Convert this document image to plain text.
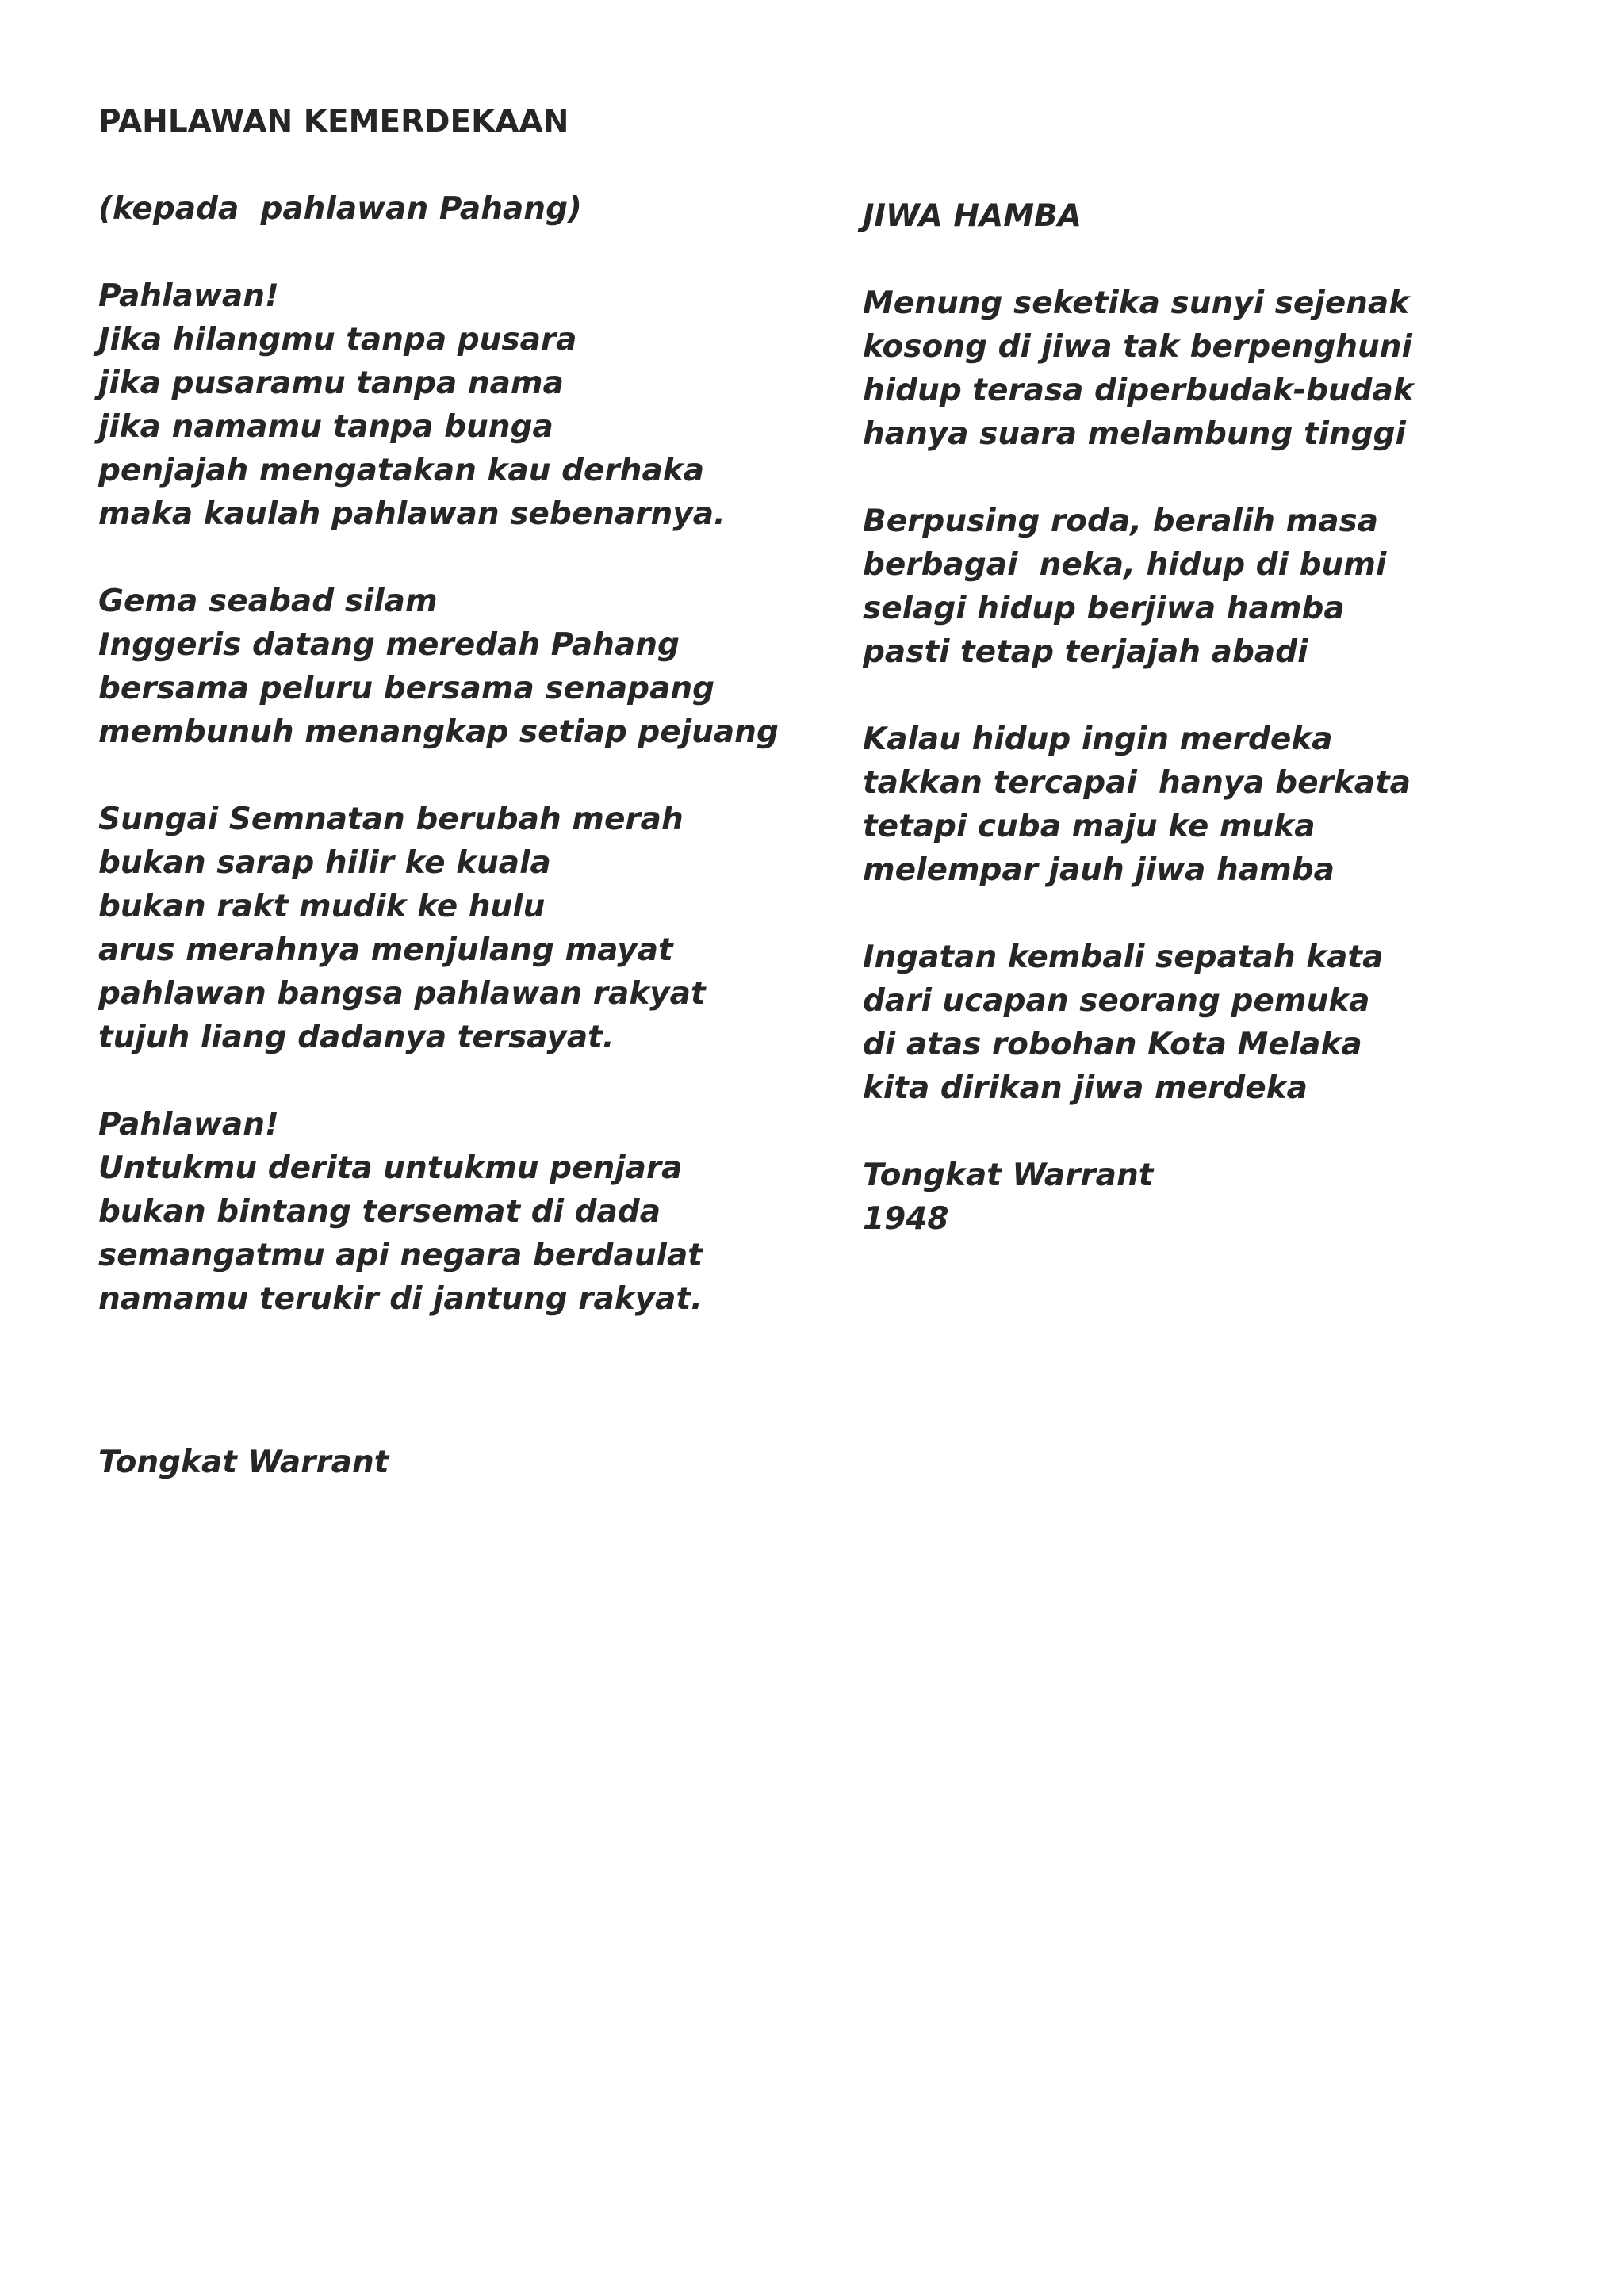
PAHLAWAN KEMERDEKAAN
(kepada  pahlawan Pahang)
Pahlawan!
Jika hilangmu tanpa pusara
jika pusaramu tanpa nama
jika namamu tanpa bunga
penjajah mengatakan kau derhaka
maka kaulah pahlawan sebenarnya.
Gema seabad silam
Inggeris datang meredah Pahang
bersama peluru bersama senapang
membunuh menangkap setiap pejuang
Sungai Semnatan berubah merah
bukan sarap hilir ke kuala
bukan rakt mudik ke hulu
arus merahnya menjulang mayat
pahlawan bangsa pahlawan rakyat
tujuh liang dadanya tersayat.
Pahlawan!
Untukmu derita untukmu penjara
bukan bintang tersemat di dada
semangatmu api negara berdaulat
namamu terukir di jantung rakyat.
Tongkat Warrant
JIWA HAMBA
Menung seketika sunyi sejenak
kosong di jiwa tak berpenghuni
hidup terasa diperbudak-budak
hanya suara melambung tinggi
Berpusing roda, beralih masa
berbagai  neka, hidup di bumi
selagi hidup berjiwa hamba
pasti tetap terjajah abadi
Kalau hidup ingin merdeka
takkan tercapai  hanya berkata
tetapi cuba maju ke muka
melempar jauh jiwa hamba
Ingatan kembali sepatah kata
dari ucapan seorang pemuka
di atas robohan Kota Melaka
kita dirikan jiwa merdeka
Tongkat Warrant
1948
